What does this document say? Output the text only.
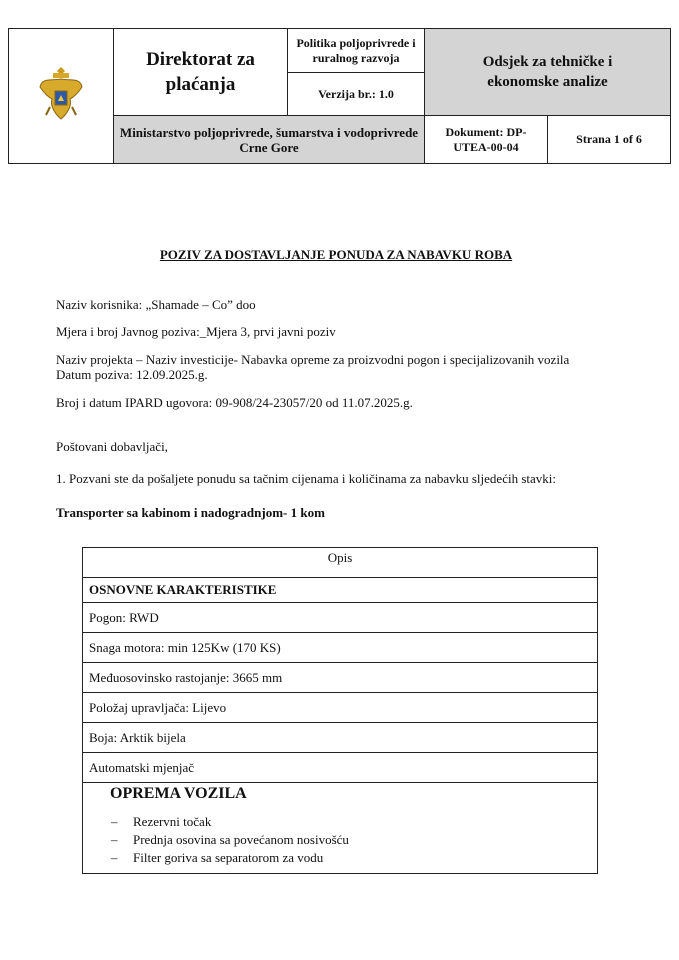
	Direktorat za plaćanja	Politika poljoprivrede i ruralnog razvoja
Verzija br.: 1.0	Odsjek za tehničke i ekonomske analize	
	Ministarstvo poljoprivrede, šumarstva i vodoprivrede Crne Gore		Dokument: DP-UTEA-00-04	Strana 1 of 6
POZIV ZA DOSTAVLJANJE PONUDA ZA NABAVKU ROBA
Naziv korisnika: „Shamade – Co” doo
Mjera i broj Javnog poziva:_Mjera 3, prvi javni poziv
Naziv projekta – Naziv investicije- Nabavka opreme za proizvodni pogon i specijalizovanih vozila
Datum poziva: 12.09.2025.g.
Broj i datum IPARD ugovora: 09-908/24-23057/20 od 11.07.2025.g.
Poštovani dobavljači,
1. Pozvani ste da pošaljete ponudu sa tačnim cijenama i količinama za nabavku sljedećih stavki:
Transporter sa kabinom i nadogradnjom- 1 kom
Opis
OSNOVNE KARAKTERISTIKE
Pogon: RWD
Snaga motora: min 125Kw (170 KS)
Međuosovinsko rastojanje: 3665 mm
Položaj upravljača: Lijevo
Boja: Arktik bijela
Automatski mjenjač
OPREMA VOZILA
– Rezervni točak
– Prednja osovina sa povećanom nosivošću
– Filter goriva sa separatorom za vodu
